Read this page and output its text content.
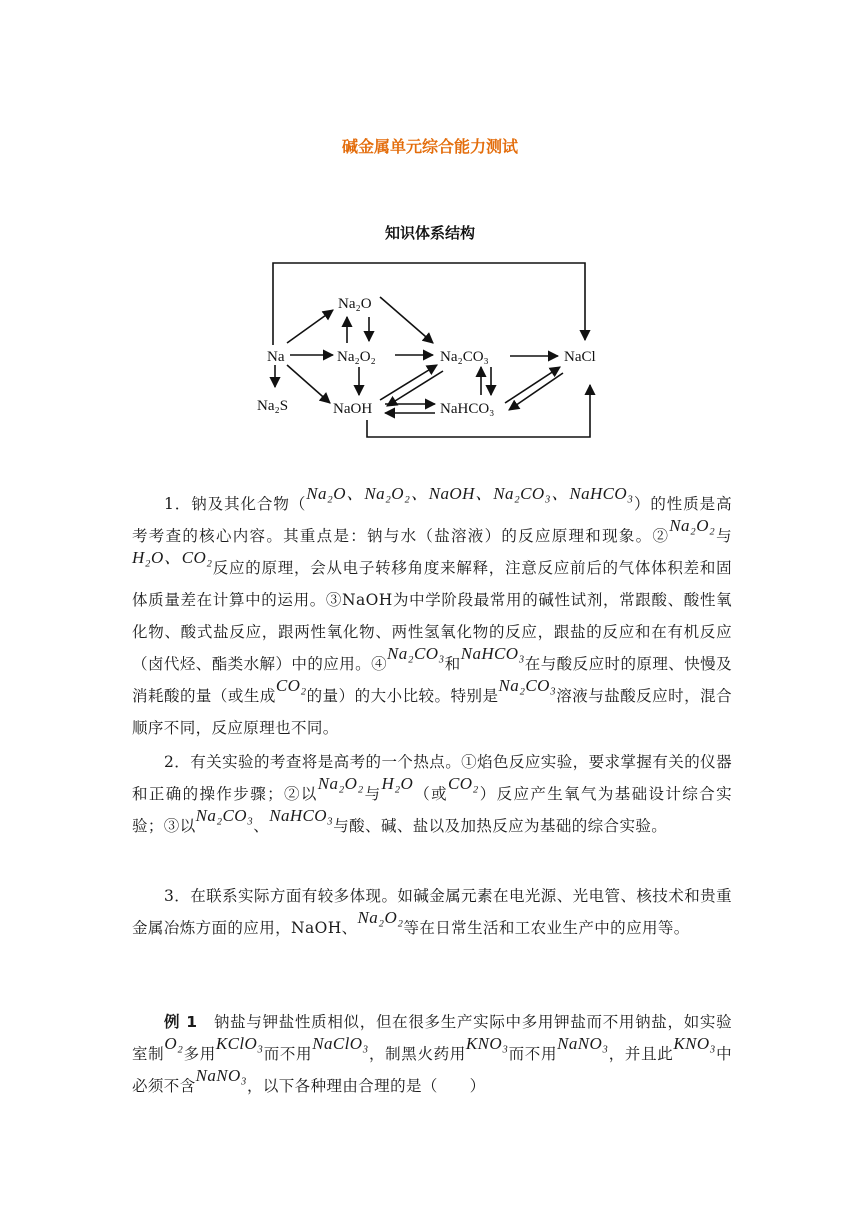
碱金属单元综合能力测试
知识体系结构
Na
Na₂S
Na₂O
Na₂O₂
NaOH
Na₂CO₃
NaHCO₃
NaCl

1．钠及其化合物（Na₂O、Na₂O₂、NaOH、Na₂CO₃、NaHCO₃）的性质是高考考查的核心内容。其重点是：钠与水（盐溶液）的反应原理和现象。②Na₂O₂与H₂O、CO₂反应的原理，会从电子转移角度来解释，注意反应前后的气体体积差和固体质量差在计算中的运用。③NaOH为中学阶段最常用的碱性试剂，常跟酸、酸性氧化物、酸式盐反应，跟两性氧化物、两性氢氧化物的反应，跟盐的反应和在有机反应（卤代烃、酯类水解）中的应用。④Na₂CO₃和NaHCO₃在与酸反应时的原理、快慢及消耗酸的量（或生成CO₂的量）的大小比较。特别是Na₂CO₃溶液与盐酸反应时，混合顺序不同，反应原理也不同。

2．有关实验的考查将是高考的一个热点。①焰色反应实验，要求掌握有关的仪器和正确的操作步骤；②以Na₂O₂与H₂O（或CO₂）反应产生氧气为基础设计综合实验；③以Na₂CO₃、NaHCO₃与酸、碱、盐以及加热反应为基础的综合实验。

3．在联系实际方面有较多体现。如碱金属元素在电光源、光电管、核技术和贵重金属冶炼方面的应用，NaOH、Na₂O₂等在日常生活和工农业生产中的应用等。

例 1　钠盐与钾盐性质相似，但在很多生产实际中多用钾盐而不用钠盐，如实验室制O₂多用KClO₃而不用NaClO₃，制黑火药用KNO₃而不用NaNO₃，并且此KNO₃中必须不含NaNO₃，以下各种理由合理的是（　　）
